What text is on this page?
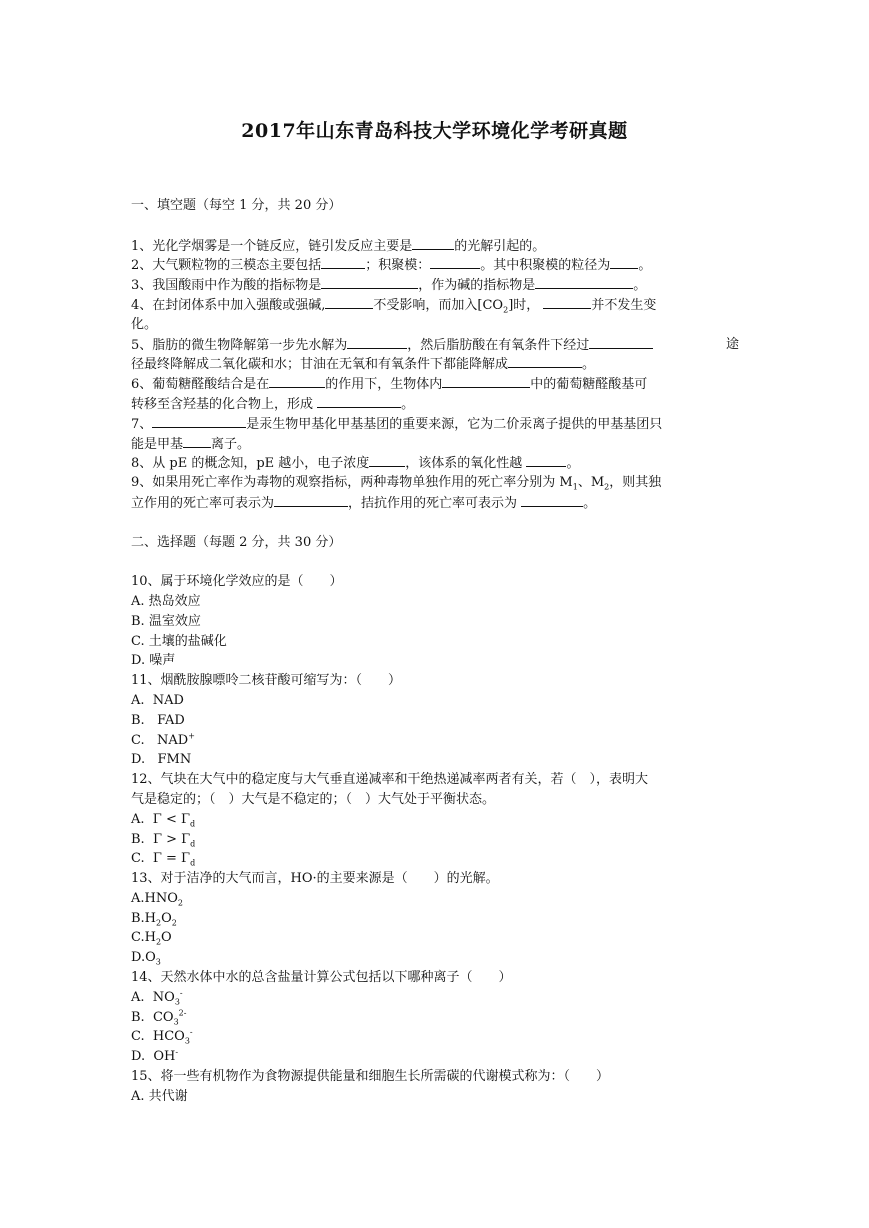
2017年山东青岛科技大学环境化学考研真题
一、填空题（每空 1 分，共 20 分）
1、光化学烟雾是一个链反应，链引发反应主要是	的光解引起的。
2、大气颗粒物的三模态主要包括	；积聚模：	。其中积聚模的粒径为 。
3、我国酸雨中作为酸的指标物是	，作为碱的指标物是	。
4、在封闭体系中加入强酸或强碱,	不受影响，而加入$[CO_2]$时，	并不发生变
化。
5、脂肪的微生物降解第一步先水解为	，然后脂肪酸在有氧条件下经过	途
径最终降解成二氧化碳和水；甘油在无氧和有氧条件下都能降解成	。
6、葡萄糖醛酸结合是在	的作用下，生物体内	中的葡萄糖醛酸基可
转移至含羟基的化合物上，形成	。
7、	是汞生物甲基化甲基基团的重要来源，它为二价汞离子提供的甲基基团只
能是甲基 离子。
8、从 pE 的概念知，pE 越小，电子浓度	，该体系的氧化性越	。
9、如果用死亡率作为毒物的观察指标，两种毒物单独作用的死亡率分别为 $M_1$、$M_2$，则其独
立作用的死亡率可表示为	，拮抗作用的死亡率可表示为	。
二、选择题（每题 2 分，共 30 分）
10、属于环境化学效应的是（　　）
A. 热岛效应
B. 温室效应
C. 土壤的盐碱化
D. 噪声
11、烟酰胺腺嘌呤二核苷酸可缩写为：（　　）
A.  NAD
B.   FAD
C.   NAD+
D.   FMN
12、气块在大气中的稳定度与大气垂直递减率和干绝热递减率两者有关，若（　），表明大
气是稳定的；（　）大气是不稳定的；（　）大气处于平衡状态。
A.  $\Gamma < \Gamma_d$
B.  $\Gamma > \Gamma_d$
C.  $\Gamma = \Gamma_d$
13、对于洁净的大气而言，HO·的主要来源是（　　）的光解。
$A.HNO_2$
$B.H_2O_2$
$C.H_2O$
$D.O_3$
14、天然水体中水的总含盐量计算公式包括以下哪种离子（　　）
A.  $NO_3^-$
B.  $CO_3^{2-}$
C.  $HCO_3^-$
D.  OH-
15、将一些有机物作为食物源提供能量和细胞生长所需碳的代谢模式称为：（　　）
A. 共代谢
